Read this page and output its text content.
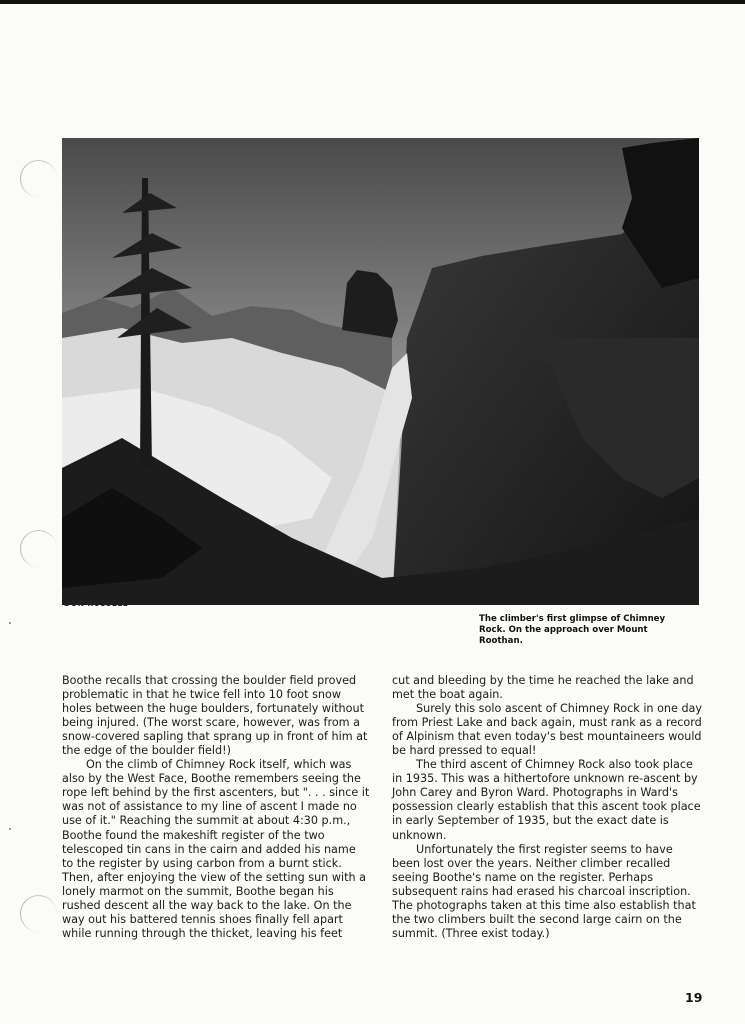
DON RUSSELL
The climber's first glimpse of Chimney Rock. On the approach over Mount Roothan.

Boothe recalls that crossing the boulder field proved problematic in that he twice fell into 10 foot snow holes between the huge boulders, fortunately without being injured. (The worst scare, however, was from a snow-covered sapling that sprang up in front of him at the edge of the boulder field!)

On the climb of Chimney Rock itself, which was also by the West Face, Boothe remembers seeing the rope left behind by the first ascenters, but ". . . since it was not of assistance to my line of ascent I made no use of it." Reaching the summit at about 4:30 p.m., Boothe found the makeshift register of the two telescoped tin cans in the cairn and added his name to the register by using carbon from a burnt stick. Then, after enjoying the view of the setting sun with a lonely marmot on the summit, Boothe began his rushed descent all the way back to the lake. On the way out his battered tennis shoes finally fell apart while running through the thicket, leaving his feet

cut and bleeding by the time he reached the lake and met the boat again.

Surely this solo ascent of Chimney Rock in one day from Priest Lake and back again, must rank as a record of Alpinism that even today's best mountaineers would be hard pressed to equal!

The third ascent of Chimney Rock also took place in 1935. This was a hithertofore unknown re-ascent by John Carey and Byron Ward. Photographs in Ward's possession clearly establish that this ascent took place in early September of 1935, but the exact date is unknown.

Unfortunately the first register seems to have been lost over the years. Neither climber recalled seeing Boothe's name on the register. Perhaps subsequent rains had erased his charcoal inscription. The photographs taken at this time also establish that the two climbers built the second large cairn on the summit. (Three exist today.)

19
